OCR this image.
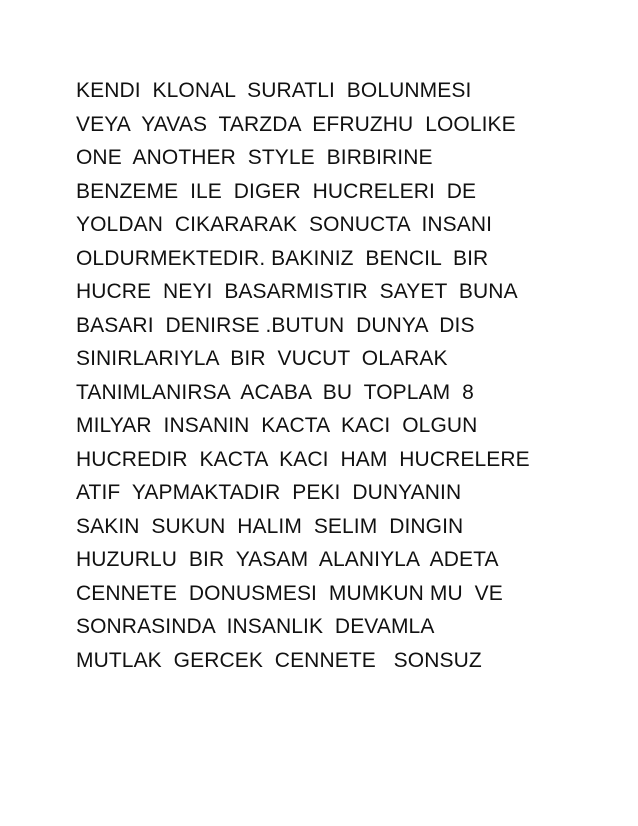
KENDI  KLONAL  SURATLI  BOLUNMESI
VEYA  YAVAS  TARZDA  EFRUZHU  LOOLIKE
ONE  ANOTHER  STYLE  BIRBIRINE
BENZEME  ILE  DIGER  HUCRELERI  DE
YOLDAN  CIKARARAK  SONUCTA  INSANI
OLDURMEKTEDIR. BAKINIZ  BENCIL  BIR
HUCRE  NEYI  BASARMISTIR  SAYET  BUNA
BASARI  DENIRSE .BUTUN  DUNYA  DIS
SINIRLARIYLA  BIR  VUCUT  OLARAK
TANIMLANIRSA  ACABA  BU  TOPLAM  8
MILYAR  INSANIN  KACTA  KACI  OLGUN
HUCREDIR  KACTA  KACI  HAM  HUCRELERE
ATIF  YAPMAKTADIR  PEKI  DUNYANIN
SAKIN  SUKUN  HALIM  SELIM  DINGIN
HUZURLU  BIR  YASAM  ALANIYLA  ADETA
CENNETE  DONUSMESI  MUMKUN MU  VE
SONRASINDA  INSANLIK  DEVAMLA
MUTLAK  GERCEK  CENNETE   SONSUZ
